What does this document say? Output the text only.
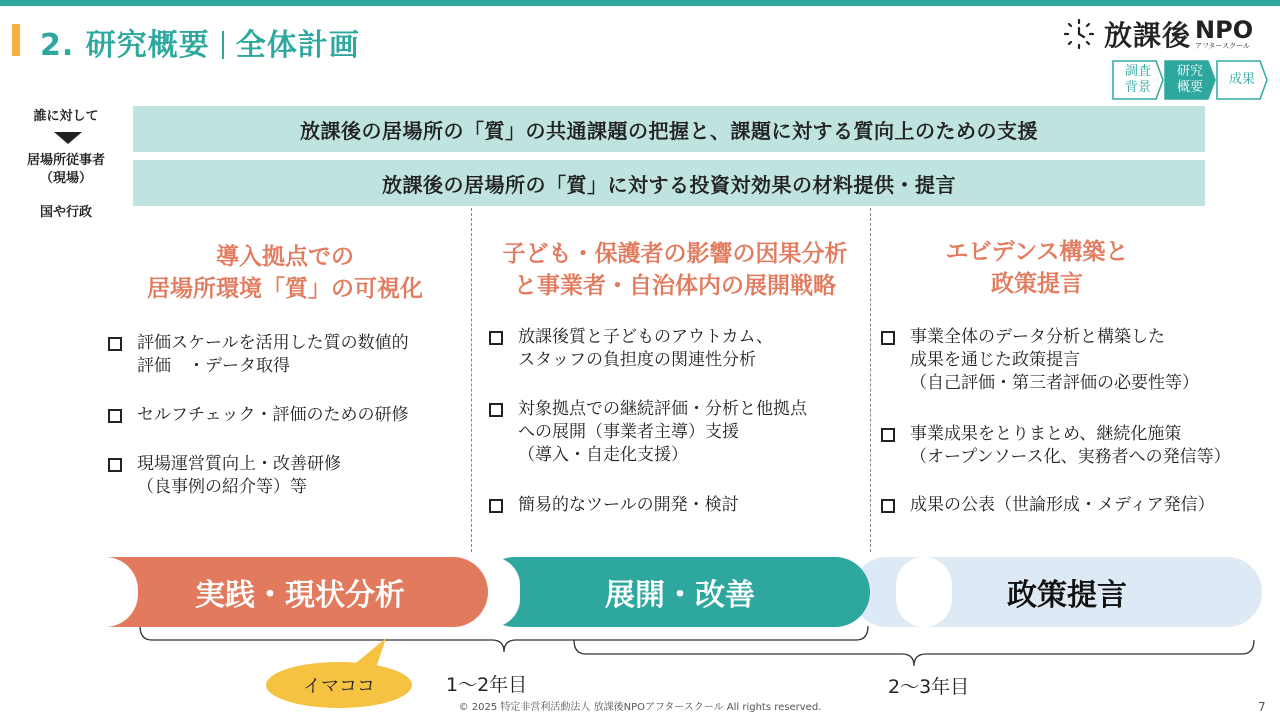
2. 研究概要 全体計画	放課後 NPO
アフタースクール
調査
背景
研究
概要
成果
誰に対して
居場所従事者
（現場）
国や行政
放課後の居場所の「質」の共通課題の把握と、課題に対する質向上のための支援
放課後の居場所の「質」に対する投資対効果の材料提供・提言
導入拠点での
居場所環境「質」の可視化
評価スケールを活用した質の数値的
評価　・データ取得
セルフチェック・評価のための研修
現場運営質向上・改善研修
（良事例の紹介等）等
子ども・保護者の影響の因果分析
と事業者・自治体内の展開戦略
放課後質と子どものアウトカム、
スタッフの負担度の関連性分析
対象拠点での継続評価・分析と他拠点
への展開（事業者主導）支援
（導入・自走化支援）
簡易的なツールの開発・検討
エビデンス構築と
政策提言
事業全体のデータ分析と構築した
成果を通じた政策提言
（自己評価・第三者評価の必要性等）
事業成果をとりまとめ、継続化施策
（オープンソース化、実務者への発信等）
成果の公表（世論形成・メディア発信）
政策提言
展開・改善
実践・現状分析
1〜2年目	2〜3年目
イマココ
© 2025 特定非営利活動法人 放課後NPOアフタースクール All rights reserved.	7
